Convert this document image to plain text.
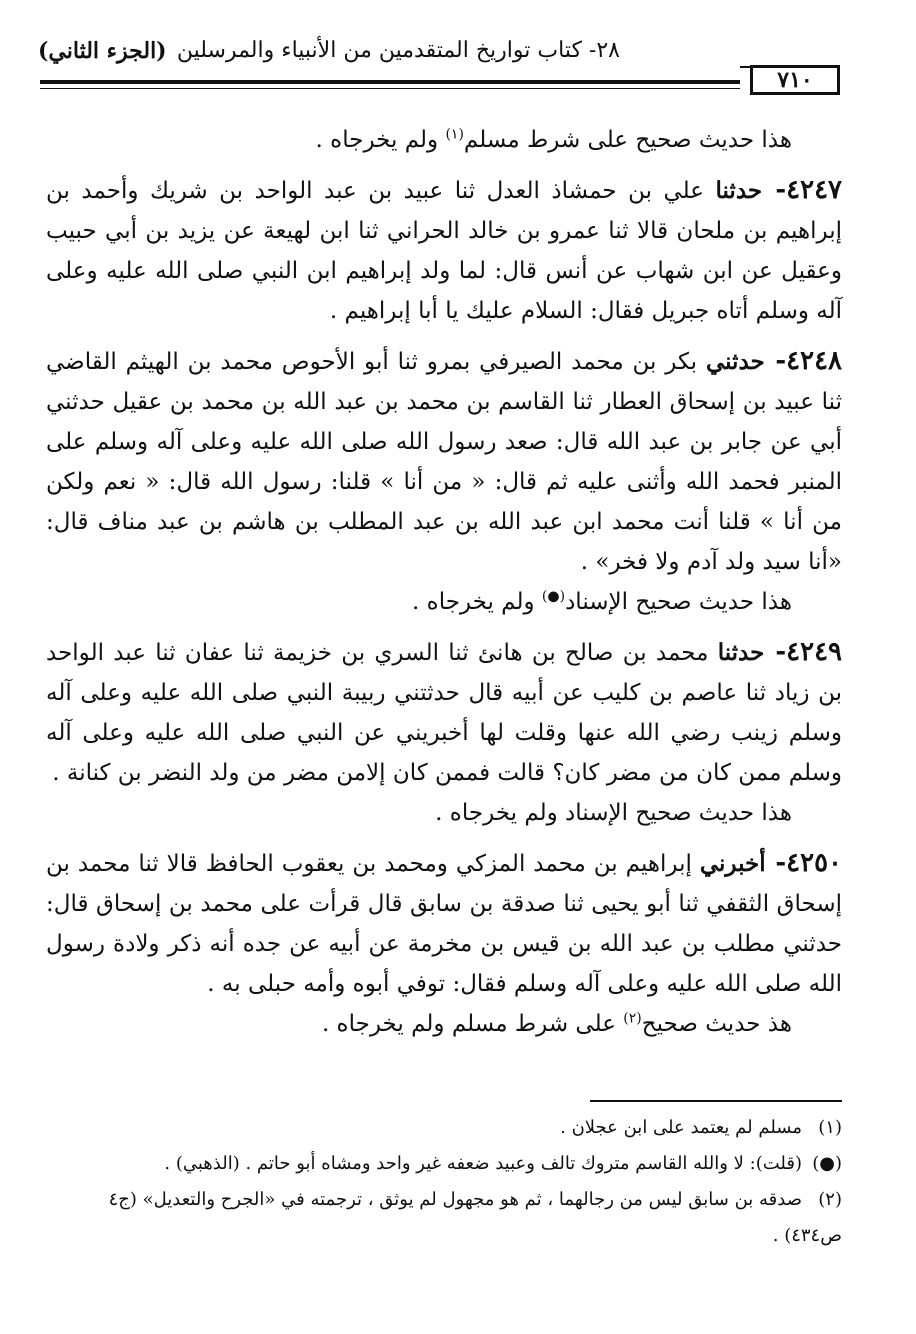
٢٨- كتاب تواريخ المتقدمين من الأنبياء والمرسلين
(الجزء الثاني)
٧١٠

هذا حديث صحيح على شرط مسلم$^{(١)}$ ولم يخرجاه .

٤٢٤٧- حدثنا علي بن حمشاذ العدل ثنا عبيد بن عبد الواحد بن شريك وأحمد بن إبراهيم بن ملحان قالا ثنا عمرو بن خالد الحراني ثنا ابن لهيعة عن يزيد بن أبي حبيب وعقيل عن ابن شهاب عن أنس قال: لما ولد إبراهيم ابن النبي صلى الله عليه وعلى آله وسلم أتاه جبريل فقال: السلام عليك يا أبا إبراهيم .

٤٢٤٨- حدثني بكر بن محمد الصيرفي بمرو ثنا أبو الأحوص محمد بن الهيثم القاضي ثنا عبيد بن إسحاق العطار ثنا القاسم بن محمد بن عبد الله بن محمد بن عقيل حدثني أبي عن جابر بن عبد الله قال: صعد رسول الله صلى الله عليه وعلى آله وسلم على المنبر فحمد الله وأثنى عليه ثم قال: « من أنا » قلنا: رسول الله قال: « نعم ولكن من أنا » قلنا أنت محمد ابن عبد الله بن عبد المطلب بن هاشم بن عبد مناف قال: «أنا سيد ولد آدم ولا فخر» .

هذا حديث صحيح الإسناد(●) ولم يخرجاه .

٤٢٤٩- حدثنا محمد بن صالح بن هانئ ثنا السري بن خزيمة ثنا عفان ثنا عبد الواحد بن زياد ثنا عاصم بن كليب عن أبيه قال حدثتني ربيبة النبي صلى الله عليه وعلى آله وسلم زينب رضي الله عنها وقلت لها أخبريني عن النبي صلى الله عليه وعلى آله وسلم ممن كان من مضر كان؟ قالت فممن كان إلامن مضر من ولد النضر بن كنانة .

هذا حديث صحيح الإسناد ولم يخرجاه .

٤٢٥٠- أخبرني إبراهيم بن محمد المزكي ومحمد بن يعقوب الحافظ قالا ثنا محمد بن إسحاق الثقفي ثنا أبو يحيى ثنا صدقة بن سابق قال قرأت على محمد بن إسحاق قال: حدثني مطلب بن عبد الله بن قيس بن مخرمة عن أبيه عن جده أنه ذكر ولادة رسول الله صلى الله عليه وعلى آله وسلم فقال: توفي أبوه وأمه حبلى به .

هذ حديث صحيح$^{(٢)}$ على شرط مسلم ولم يخرجاه .

(١)مسلم لم يعتمد على ابن عجلان .

(●)(قلت): لا والله القاسم متروك تالف وعبيد ضعفه غير واحد ومشاه أبو حاتم . (الذهبي) .

(٢)صدقه بن سابق ليس من رجالهما ، ثم هو مجهول لم يوثق ، ترجمته في «الجرح والتعديل» (ج٤ ص٤٣٤) .
